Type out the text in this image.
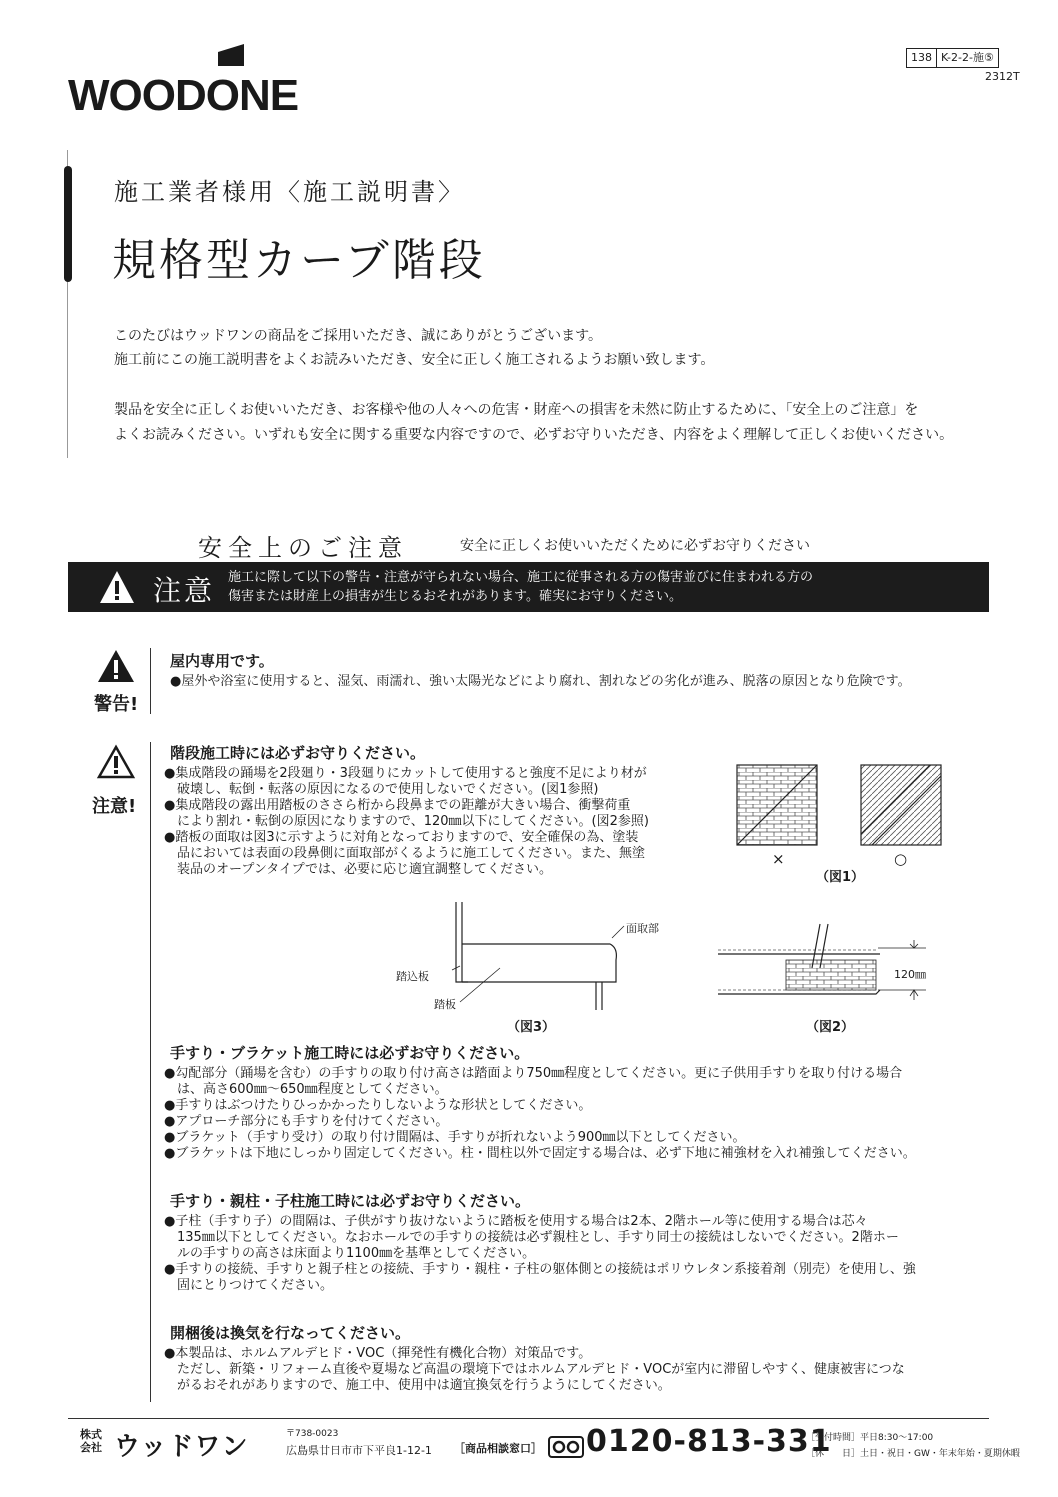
WOODONE
138 K-2-2-施⑤
2312T
施工業者様用〈施工説明書〉
規格型カーブ階段
このたびはウッドワンの商品をご採用いただき、誠にありがとうございます。
施工前にこの施工説明書をよくお読みいただき、安全に正しく施工されるようお願い致します。
製品を安全に正しくお使いいただき、お客様や他の人々への危害・財産への損害を未然に防止するために、「安全上のご注意」を
よくお読みください。いずれも安全に関する重要な内容ですので、必ずお守りいただき、内容をよく理解して正しくお使いください。
安全上のご注意	安全に正しくお使いいただくために必ずお守りください
注意 施工に際して以下の警告・注意が守られない場合、施工に従事される方の傷害並びに住まわれる方の
傷害または財産上の損害が生じるおそれがあります。確実にお守りください。
警告!
屋内専用です。
●屋外や浴室に使用すると、湿気、雨濡れ、強い太陽光などにより腐れ、割れなどの劣化が進み、脱落の原因となり危険です。
注意!
階段施工時には必ずお守りください。
●集成階段の踊場を2段廻り・3段廻りにカットして使用すると強度不足により材が
　破壊し、転倒・転落の原因になるので使用しないでください。(図1参照)
●集成階段の露出用踏板のささら桁から段鼻までの距離が大きい場合、衝撃荷重
　により割れ・転倒の原因になりますので、120㎜以下にしてください。(図2参照)
●踏板の面取は図3に示すように対角となっておりますので、安全確保の為、塗装
　品においては表面の段鼻側に面取部がくるように施工してください。また、無塗
　装品のオープンタイプでは、必要に応じ適宜調整してください。
×	○
（図1）
面取部
踏込板
踏板
（図3）
120㎜
（図2）
手すり・ブラケット施工時には必ずお守りください。
●勾配部分（踊場を含む）の手すりの取り付け高さは踏面より750㎜程度としてください。更に子供用手すりを取り付ける場合
　は、高さ600㎜〜650㎜程度としてください。
●手すりはぶつけたりひっかかったりしないような形状としてください。
●アプローチ部分にも手すりを付けてください。
●ブラケット（手すり受け）の取り付け間隔は、手すりが折れないよう900㎜以下としてください。
●ブラケットは下地にしっかり固定してください。柱・間柱以外で固定する場合は、必ず下地に補強材を入れ補強してください。
手すり・親柱・子柱施工時には必ずお守りください。
●子柱（手すり子）の間隔は、子供がすり抜けないように踏板を使用する場合は2本、2階ホール等に使用する場合は芯々
　135㎜以下としてください。なおホールでの手すりの接続は必ず親柱とし、手すり同士の接続はしないでください。2階ホー
　ルの手すりの高さは床面より1100㎜を基準としてください。
●手すりの接続、手すりと親子柱との接続、手すり・親柱・子柱の躯体側との接続はポリウレタン系接着剤（別売）を使用し、強
　固にとりつけてください。
開梱後は換気を行なってください。
●本製品は、ホルムアルデヒド・VOC（揮発性有機化合物）対策品です。
　ただし、新築・リフォーム直後や夏場など高温の環境下ではホルムアルデヒド・VOCが室内に滞留しやすく、健康被害につな
　がるおそれがありますので、施工中、使用中は適宜換気を行うようにしてください。
株式
会社 ウッドワン	〒738-0023
広島県廿日市市下平良1-12-1 ［商品相談窓口］ 0120-813-331
［受付時間］平日8:30〜17:00
［休　　日］土日・祝日・GW・年末年始・夏期休暇
